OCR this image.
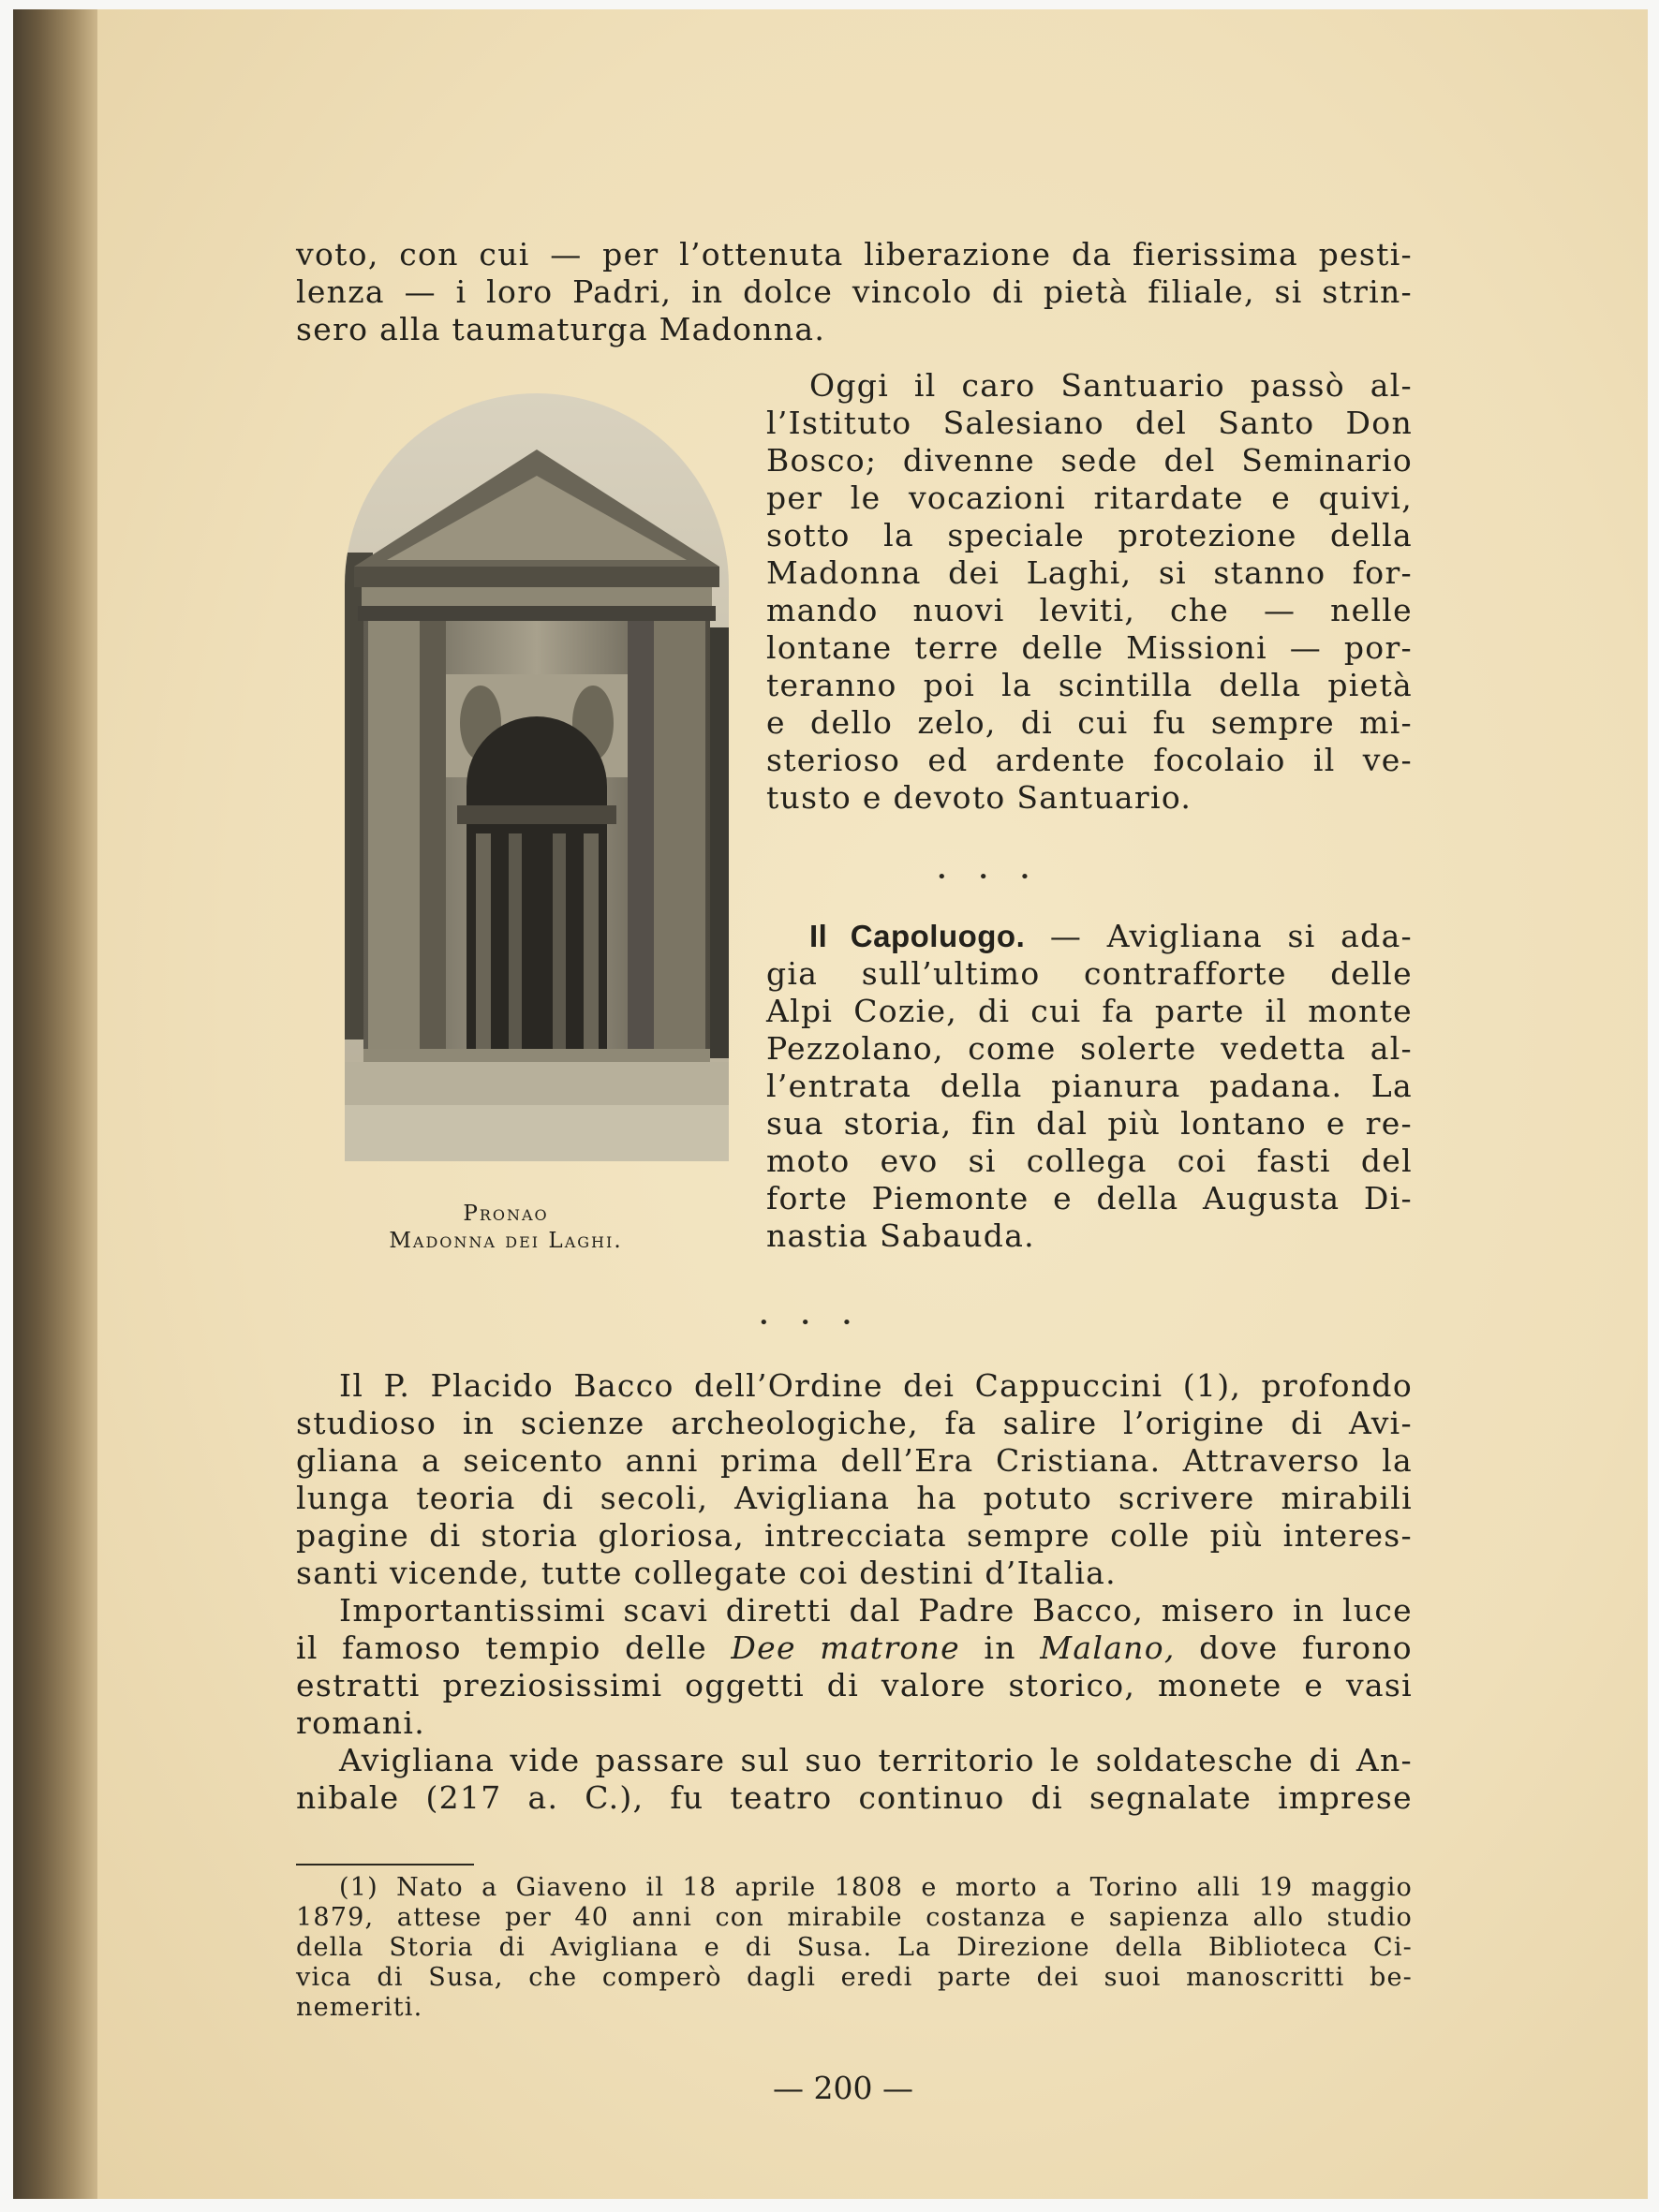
voto, con cui — per l’ottenuta liberazione da fierissima pesti-
lenza — i loro Padri, in dolce vincolo di pietà filiale, si strin-
sero alla taumaturga Madonna.
Oggi il caro Santuario passò al-
l’Istituto Salesiano del Santo Don
Bosco; divenne sede del Seminario
per le vocazioni ritardate e quivi,
sotto la speciale protezione della
Madonna dei Laghi, si stanno for-
mando nuovi leviti, che — nelle
lontane terre delle Missioni — por-
teranno poi la scintilla della pietà
e dello zelo, di cui fu sempre mi-
sterioso ed ardente focolaio il ve-
tusto e devoto Santuario.
• • •
Il Capoluogo. — Avigliana si ada-
gia sull’ultimo contrafforte delle
Alpi Cozie, di cui fa parte il monte
Pezzolano, come solerte vedetta al-
l’entrata della pianura padana. La
sua storia, fin dal più lontano e re-
moto evo si collega coi fasti del
forte Piemonte e della Augusta Di-
nastia Sabauda.
• • •
Pronao
Madonna dei Laghi.
Il P. Placido Bacco dell’Ordine dei Cappuccini (1), profondo
studioso in scienze archeologiche, fa salire l’origine di Avi-
gliana a seicento anni prima dell’Era Cristiana. Attraverso la
lunga teoria di secoli, Avigliana ha potuto scrivere mirabili
pagine di storia gloriosa, intrecciata sempre colle più interes-
santi vicende, tutte collegate coi destini d’Italia.
Importantissimi scavi diretti dal Padre Bacco, misero in luce
il famoso tempio delle Dee matrone in Malano, dove furono
estratti preziosissimi oggetti di valore storico, monete e vasi
romani.
Avigliana vide passare sul suo territorio le soldatesche di An-
nibale (217 a. C.), fu teatro continuo di segnalate imprese
(1) Nato a Giaveno il 18 aprile 1808 e morto a Torino alli 19 maggio
1879, attese per 40 anni con mirabile costanza e sapienza allo studio
della Storia di Avigliana e di Susa. La Direzione della Biblioteca Ci-
vica di Susa, che comperò dagli eredi parte dei suoi manoscritti be-
nemeriti.
— 200 —
